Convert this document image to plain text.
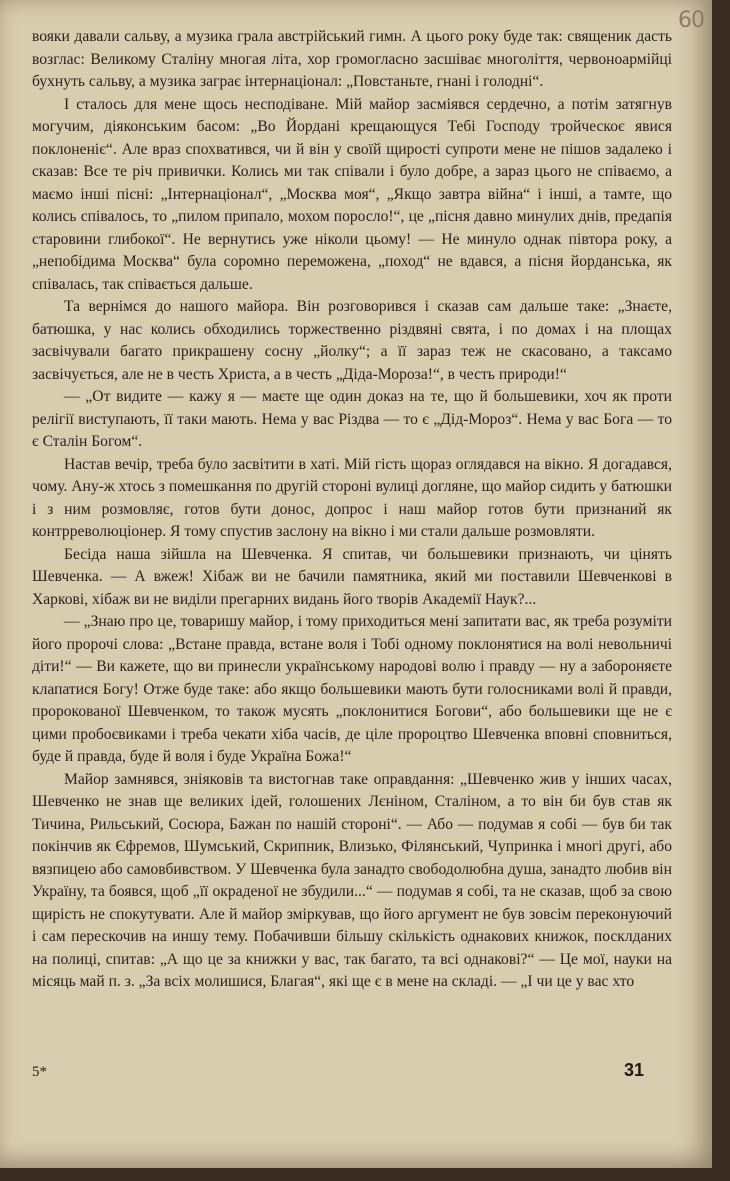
60

вояки давали сальву, а музика грала австрійський гимн. А цього року буде так: священик дасть возглас: Великому Сталіну многая літа, хор громогласно засшіває многоліття, червоноармійці бухнуть сальву, а музика заграє інтернаціонал: „Повстаньте, гнані і голодні“.

І сталось для мене щось несподіване. Мій майор засміявся сердечно, а потім затягнув могучим, діяконським басом: „Во Йордані крещающуся Тебі Господу тройческоє явися поклоненіє“. Але враз спохватився, чи й він у своїй щирості супроти мене не пішов задалеко і сказав: Все те річ привички. Колись ми так співали і було добре, а зараз цього не співаємо, а маємо інші пісні: „Інтернаціонал“, „Москва моя“, „Якщо завтра війна“ і інші, а тамте, що колись співалось, то „пилом припало, мохом поросло!“, це „пісня давно минулих днів, предапія старовини глибокої“. Не вернутись уже ніколи цьому! — Не минуло однак півтора року, а „непобідима Москва“ була соромно переможена, „поход“ не вдався, а пісня йорданська, як співалась, так співається дальше.

Та вернімся до нашого майора. Він розговорився і сказав сам дальше таке: „Знаєте, батюшка, у нас колись обходились торжественно різдвяні свята, і по домах і на площах засвічували багато прикрашену сосну „йолку“; а її зараз теж не скасовано, а таксамо засвічується, але не в честь Христа, а в честь „Дідa-Мороза!“, в честь природи!“

— „От видите — кажу я — маєте ще один доказ на те, що й большевики, хоч як проти релігії виступають, її таки мають. Нема у вас Різдва — то є „Дід-Мороз“. Нема у вас Бога — то є Сталін Богом“.

Настав вечір, треба було засвітити в хаті. Мій гість щораз оглядався на вікно. Я догадався, чому. Ану-ж хтось з помешкання по другій стороні вулиці догляне, що майор сидить у батюшки і з ним розмовляє, готов бути донос, допрос і наш майор готов бути признаний як контрреволюціонер. Я тому спустив заслону на вікно і ми стали дальше розмовляти.

Бесіда наша зійшла на Шевченка. Я спитав, чи большевики признають, чи цінять Шевченка. — А вжеж! Хібаж ви не бачили памятника, який ми поставили Шевченкові в Харкові, хібаж ви не виділи прегарних видань його творів Академії Наук?...

— „Знаю про це, товаришу майор, і тому приходиться мені запитати вас, як треба розуміти його пророчі слова: „Встане правда, встане воля і Тобі одному поклонятися на волі невольничі діти!“ — Ви кажете, що ви принесли українському народові волю і правду — ну а забороняєте клапатися Богу! Отже буде таке: або якщо большевики мають бути голосниками волі й правди, пророкованої Шевченком, то також мусять „поклонитися Богови“, або большевики ще не є цими пробоєвиками і треба чекати хіба часів, де ціле пророцтво Шевченка вповні сповниться, буде й правда, буде й воля і буде Україна Божа!“

Майор замнявся, зніяковів та вистогнав таке оправдання: „Шевченко жив у інших часах, Шевченко не знав ще великих ідей, голошених Лєніном, Сталіном, а то він би був став як Тичина, Рильський, Сосюра, Бажан по нашій стороні“. — Або — подумав я собі — був би так покінчив як Єфремов, Шумський, Скрипник, Влизько, Філянський, Чупринка і многі другі, або вязпицею або самовбивством. У Шевченка була занадто свободолюбна душа, занадто любив він Україну, та боявся, щоб „її окраденої не збудили...“ — подумав я собі, та не сказав, щоб за свою щирість не спокутувати. Але й майор зміркував, що його аргумент не був зовсім переконуючий і сам перескочив на иншу тему. Побачивши більшу скількість однакових книжок, посклданих на полиці, спитав: „А що це за книжки у вас, так багато, та всі однакові?“ — Це мої, науки на місяць май п. з. „За всіх молишися, Благая“, які ще є в мене на складі. — „І чи це у вас хто

5*	31
